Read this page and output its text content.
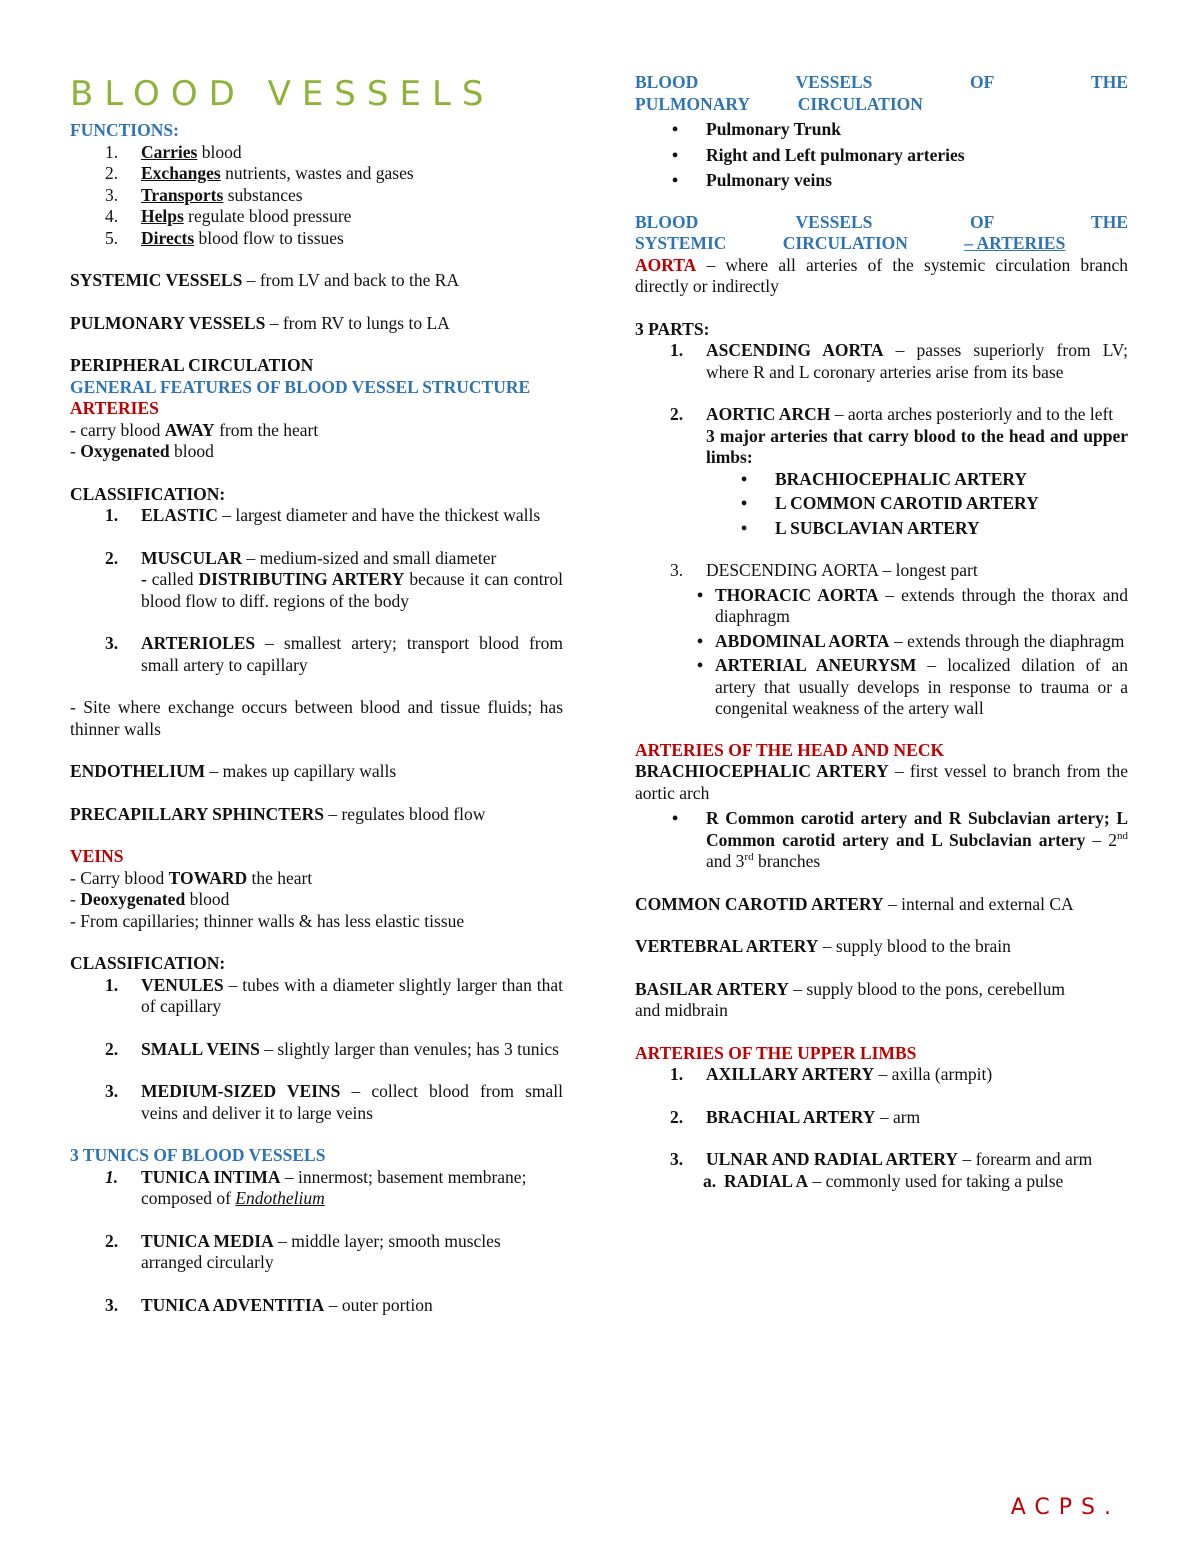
BLOOD VESSELS

FUNCTIONS:

1. Carries blood
2. Exchanges nutrients, wastes and gases
3. Transports substances
4. Helps regulate blood pressure
5. Directs blood flow to tissues

SYSTEMIC VESSELS – from LV and back to the RA

PULMONARY VESSELS – from RV to lungs to LA

PERIPHERAL CIRCULATION

GENERAL FEATURES OF BLOOD VESSEL STRUCTURE

ARTERIES

- carry blood AWAY from the heart

- Oxygenated blood

CLASSIFICATION:

1. ELASTIC – largest diameter and have the thickest walls
2. MUSCULAR – medium-sized and small diameter
- called DISTRIBUTING ARTERY because it can control blood flow to diff. regions of the body
3. ARTERIOLES – smallest artery; transport blood from small artery to capillary

- Site where exchange occurs between blood and tissue fluids; has thinner walls

ENDOTHELIUM – makes up capillary walls

PRECAPILLARY SPHINCTERS – regulates blood flow

VEINS

- Carry blood TOWARD the heart

- Deoxygenated blood

- From capillaries; thinner walls & has less elastic tissue

CLASSIFICATION:

1. VENULES – tubes with a diameter slightly larger than that of capillary
2. SMALL VEINS – slightly larger than venules; has 3 tunics
3. MEDIUM-SIZED VEINS – collect blood from small veins and deliver it to large veins

3 TUNICS OF BLOOD VESSELS

1. TUNICA INTIMA – innermost; basement membrane; composed of Endothelium
2. TUNICA MEDIA – middle layer; smooth muscles arranged circularly
3. TUNICA ADVENTITIA – outer portion

BLOOD VESSELS OF THE PULMONARY CIRCULATION

• Pulmonary Trunk
• Right and Left pulmonary arteries
• Pulmonary veins

BLOOD VESSELS OF THE SYSTEMIC CIRCULATION – ARTERIES

AORTA – where all arteries of the systemic circulation branch directly or indirectly

3 PARTS:

1. ASCENDING AORTA – passes superiorly from LV; where R and L coronary arteries arise from its base
2. AORTIC ARCH – aorta arches posteriorly and to the left
3 major arteries that carry blood to the head and upper limbs:
• BRACHIOCEPHALIC ARTERY
• L COMMON CAROTID ARTERY
• L SUBCLAVIAN ARTERY
3. DESCENDING AORTA – longest part
• THORACIC AORTA – extends through the thorax and diaphragm
• ABDOMINAL AORTA – extends through the diaphragm
• ARTERIAL ANEURYSM – localized dilation of an artery that usually develops in response to trauma or a congenital weakness of the artery wall

ARTERIES OF THE HEAD AND NECK

BRACHIOCEPHALIC ARTERY – first vessel to branch from the aortic arch

• R Common carotid artery and R Subclavian artery; L Common carotid artery and L Subclavian artery – 2nd and 3rd branches

COMMON CAROTID ARTERY – internal and external CA

VERTEBRAL ARTERY – supply blood to the brain

BASILAR ARTERY – supply blood to the pons, cerebellum and midbrain

ARTERIES OF THE UPPER LIMBS

1. AXILLARY ARTERY – axilla (armpit)
2. BRACHIAL ARTERY – arm
3. ULNAR AND RADIAL ARTERY – forearm and arm
a. RADIAL A – commonly used for taking a pulse
ACPS.
